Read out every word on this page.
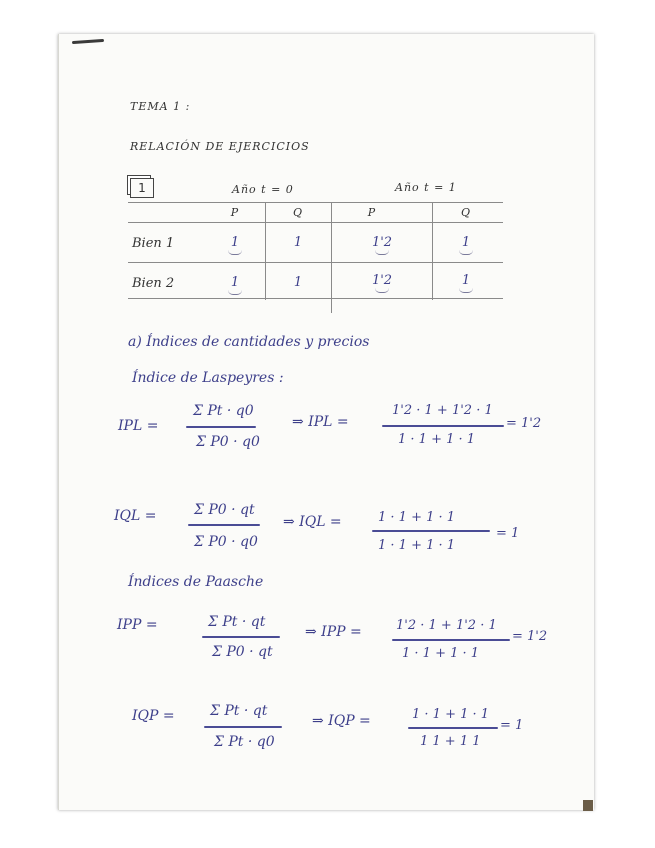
TEMA 1 :
RELACIÓN DE EJERCICIOS
1	Año t = 0	Año t = 1
P	Q	P	Q
Bien 1	1	1	1'2	1
Bien 2	1	1	1'2	1
a) Índices de cantidades y precios
Índice de Laspeyres :
IPL =
Σ Pt · q0
Σ P0 · q0
⇒ IPL =
1'2 · 1 + 1'2 · 1
1 · 1 + 1 · 1
= 1'2
IQL =	Σ P0 · qt
Σ P0 · q0
⇒ IQL =	1 · 1 + 1 · 1
1 · 1 + 1 · 1
= 1
Índices de Paasche
IPP =	Σ Pt · qt
Σ P0 · qt
⇒ IPP =	1'2 · 1 + 1'2 · 1
1 · 1 + 1 · 1
= 1'2
IQP =	Σ Pt · qt
Σ Pt · q0
⇒ IQP =	1 · 1 + 1 · 1
1 1 + 1 1
= 1
